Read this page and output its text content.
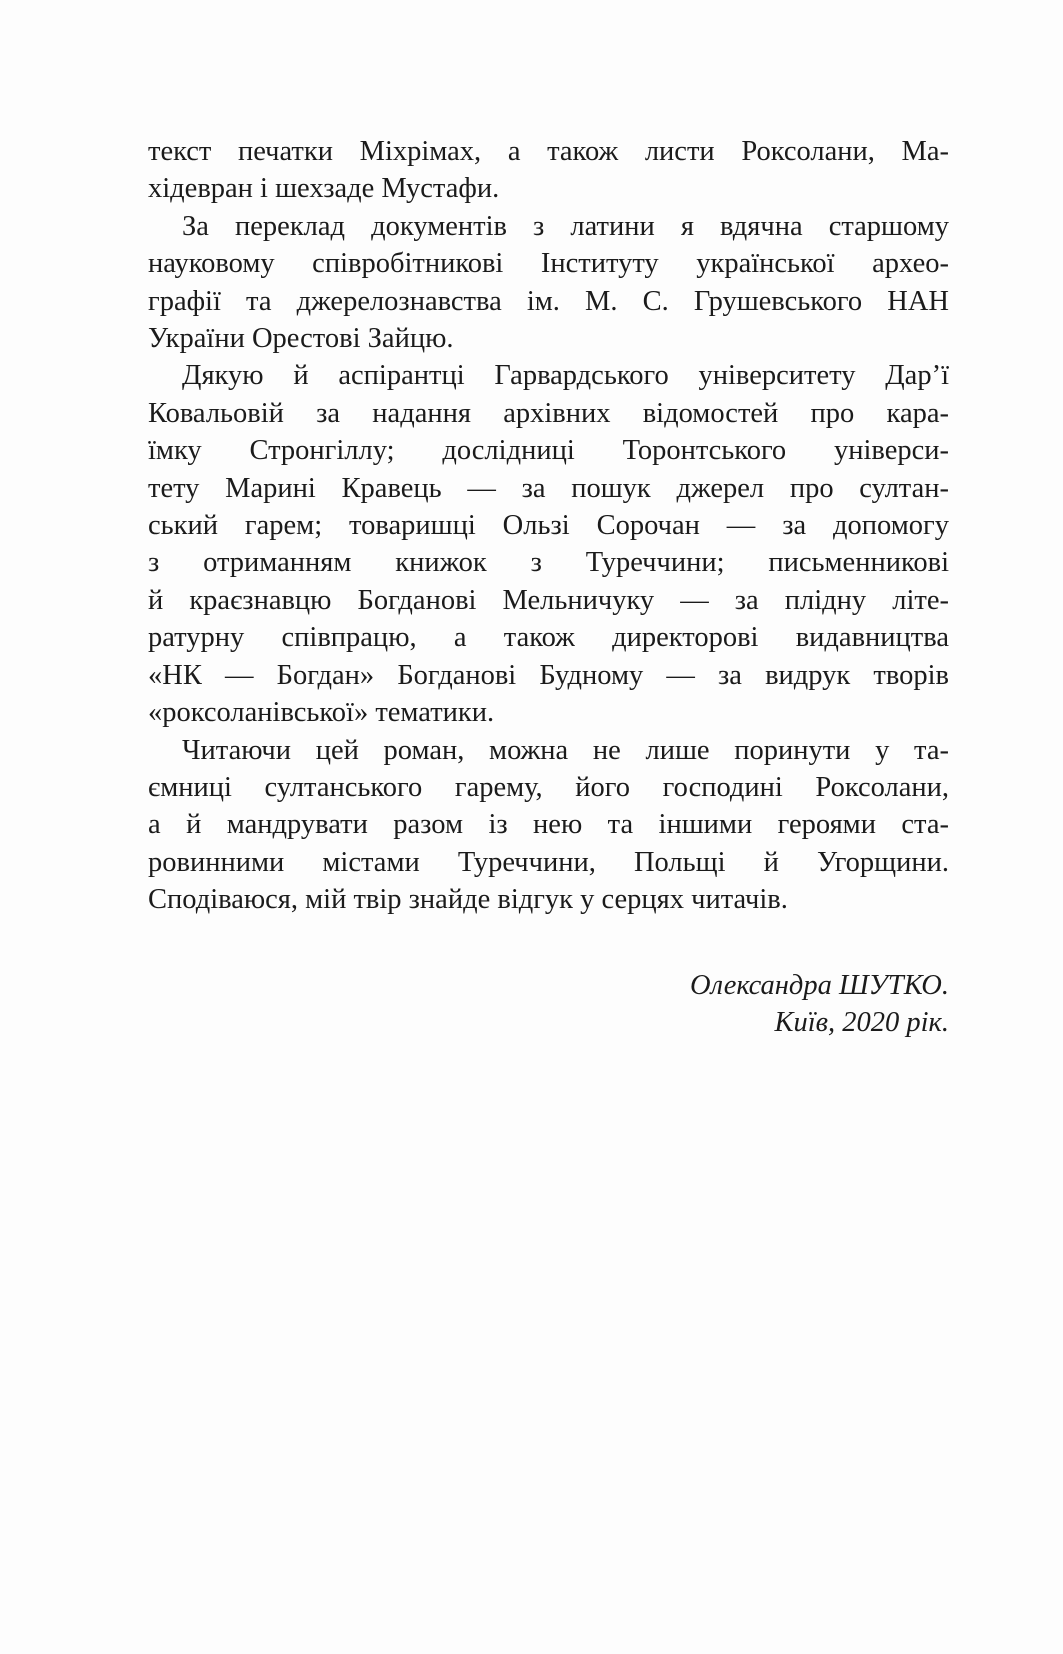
текст печатки Міхрімах, а також листи Роксолани, Ма-
хідевран і шехзаде Мустафи.
За переклад документів з латини я вдячна старшому
науковому співробітникові Інституту української архео-
графії та джерелознавства ім. М. С. Грушевського НАН
України Орестові Зайцю.
Дякую й аспірантці Гарвардського університету Дар’ї
Ковальовій за надання архівних відомостей про кара-
їмку Стронгіллу; дослідниці Торонтського універси-
тету Марині Кравець — за пошук джерел про султан-
ський гарем; товаришці Ользі Сорочан — за допомогу
з отриманням книжок з Туреччини; письменникові
й краєзнавцю Богданові Мельничуку — за плідну літе-
ратурну співпрацю, а також директорові видавництва
«НК — Богдан» Богданові Будному — за видрук творів
«роксоланівської» тематики.
Читаючи цей роман, можна не лише поринути у та-
ємниці султанського гарему, його господині Роксолани,
а й мандрувати разом із нею та іншими героями ста-
ровинними містами Туреччини, Польщі й Угорщини.
Сподіваюся, мій твір знайде відгук у серцях читачів.
Олександра ШУТКО.
Київ, 2020 рік.
